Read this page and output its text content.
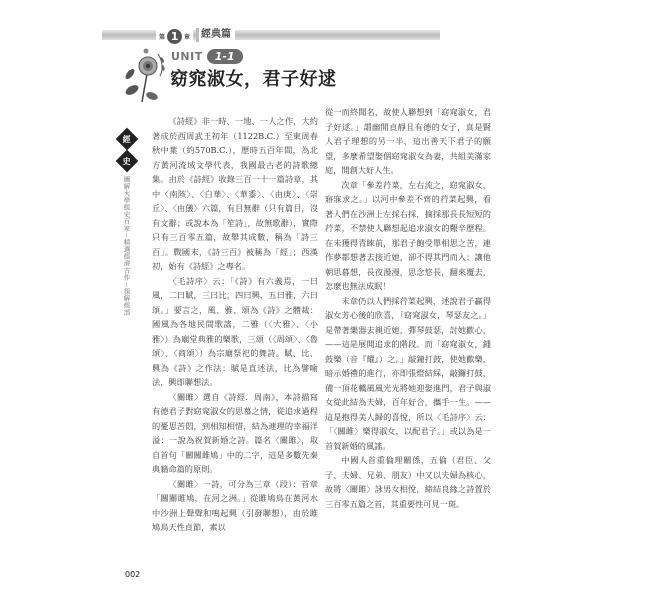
第 1 章	經典篇
UNIT	1-1
窈窕淑女，君子好逑
經
史
圖解大學經史百家－精選經濟古作－探解經部

《詩經》非一時、一地、一人之作，大約著成於西周武王初年（1122B.C.）至東周春秋中葉（約570B.C.），歷時五百年間，為北方黃河流域文學代表，我國最古老的詩歌總集。由於《詩經》收錄三百一十一篇詩章，其中〈南陔〉、〈白華〉、〈華黍〉、〈由庚〉、〈崇丘〉、〈由儀〉六篇，有目無辭（只有篇目，沒有文辭；或說本為「笙詩」，故無歌辭），實際只有三百零五篇，故舉其成數，稱為「詩三百」。戰國末，《詩三百》被稱為「經」；西漢初，始有《詩經》之專名。

〈毛詩序〉云：「《詩》有六義焉，一曰風，二曰賦，三曰比，四曰興，五曰雅，六曰頌。」要言之，風、雅、頌為《詩》之體裁：國風為各地民間歌謠，二雅（〈大雅〉、〈小雅〉）為廟堂典雅的樂歌，三頌（〈周頌〉、〈魯頌〉、〈商頌〉）為宗廟祭祀的舞詩。賦、比、興為《詩》之作法：賦是直述法，比為譬喻法，興即聯想法。

〈關雎〉選自《詩經．周南》，本詩描寫有德君子對窈窕淑女的思慕之情，從追求過程的憂思苦悶，到相知相惜，結為連理的幸福洋溢：一說為祝賀新婚之詩。篇名〈關雎〉，取自首句「關關雎鳩」中的二字，這是多數先秦典籍命篇的原則。

〈關雎〉一詩，可分為三章（段）：首章「關關雎鳩，在河之洲。」從雎鳩鳥在黃河水中沙洲上聲聲和鳴起興（引發聯想），由於雎鳩鳥天性貞節，素以

從一而終聞名，故使人聯想到「窈窕淑女，君子好逑。」謂幽閒貞靜且有德的女子，真是賢人君子理想的另一半，這出善天下君子的願望，多麼希望娶個窈窕淑女為妻，共組美滿家庭，開創大好人生。

次章「參差荇菜，左右流之，窈窕淑女，寤寐求之。」以河中參差不齊的荇菜起興，看著人們在沙洲上左採右採，摘採那長長短短的荇菜，不禁使人聯想起追求淑女的艱辛歷程。在未獲得青睞前，那君子飽受單相思之苦，連作夢都想著去接近她，卻不得其門而入；讓他朝思暮想，長夜漫漫，思念悠長，翻來覆去，怎麼也無法成眠！

末章仍以人們採荇菜起興，述說君子贏得淑女芳心後的欣喜，「窈窕淑女，琴瑟友之。」是帶著樂器去親近她，彈琴鼓瑟，討她歡心，——這是展開追求的階段。而「窈窕淑女，鍾鼓樂（音『耀』）之。」敲鐘打鼓，使她歡樂，暗示婚禮的進行，亦即張燈結綵，敲鑼打鼓，備一頂花轎風風光光將她迎娶進門，君子與淑女從此結為夫婦，百年好合，攜手一生。——這是抱得美人歸的喜悅，所以〈毛詩序〉云：「〈關雎〉樂得淑女，以配君子。」或以為是一首賀新婚的風謠。

中國人首重倫理關係，五倫（君臣、父子、夫婦、兄弟、朋友）中又以夫婦為核心，故將〈關雎〉詠男女相悅，締結良緣之詩置於三百零五篇之首，其重要性可見一斑。

002
